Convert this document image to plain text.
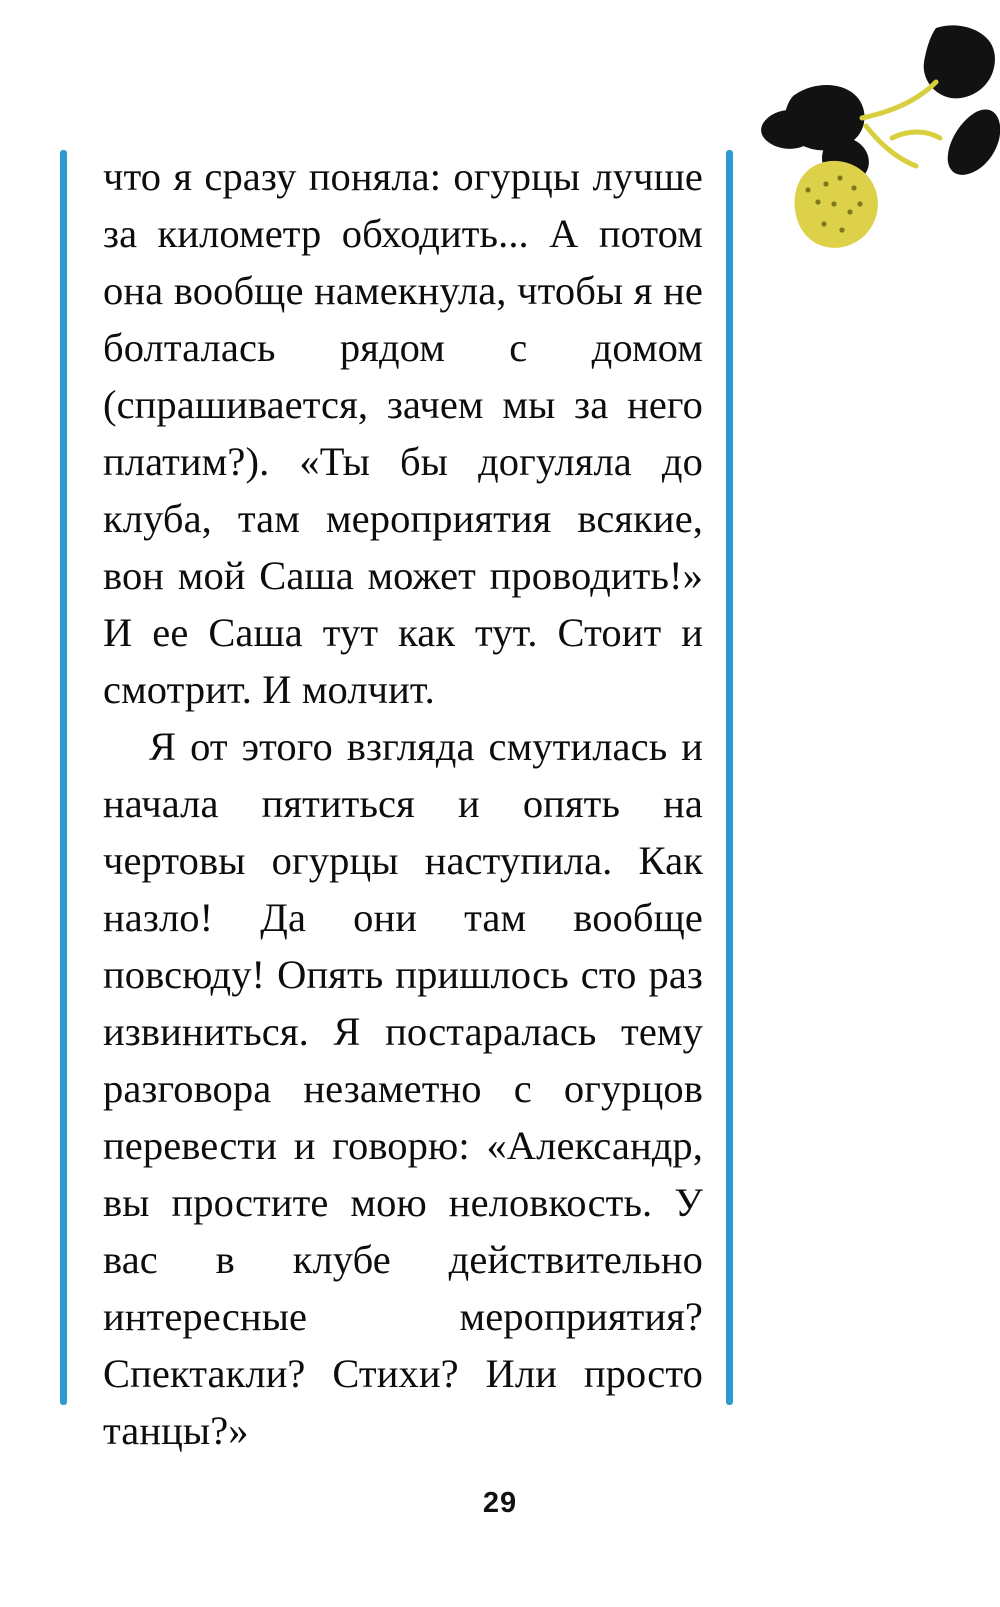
что я сразу поняла: огурцы лучше за километр обходить... А потом она вообще намекнула, чтобы я не болталась рядом с домом (спрашивается, зачем мы за него платим?). «Ты бы догуляла до клуба, там мероприятия всякие, вон мой Саша может проводить!» И ее Саша тут как тут. Стоит и смотрит. И молчит.

Я от этого взгляда смутилась и начала пятиться и опять на чертовы огурцы наступила. Как назло! Да они там вообще повсюду! Опять пришлось сто раз извиниться. Я постаралась тему разговора незаметно с огурцов перевести и говорю: «Александр, вы простите мою неловкость. У вас в клубе действительно интересные мероприятия? Спектакли? Стихи? Или просто танцы?»

29
